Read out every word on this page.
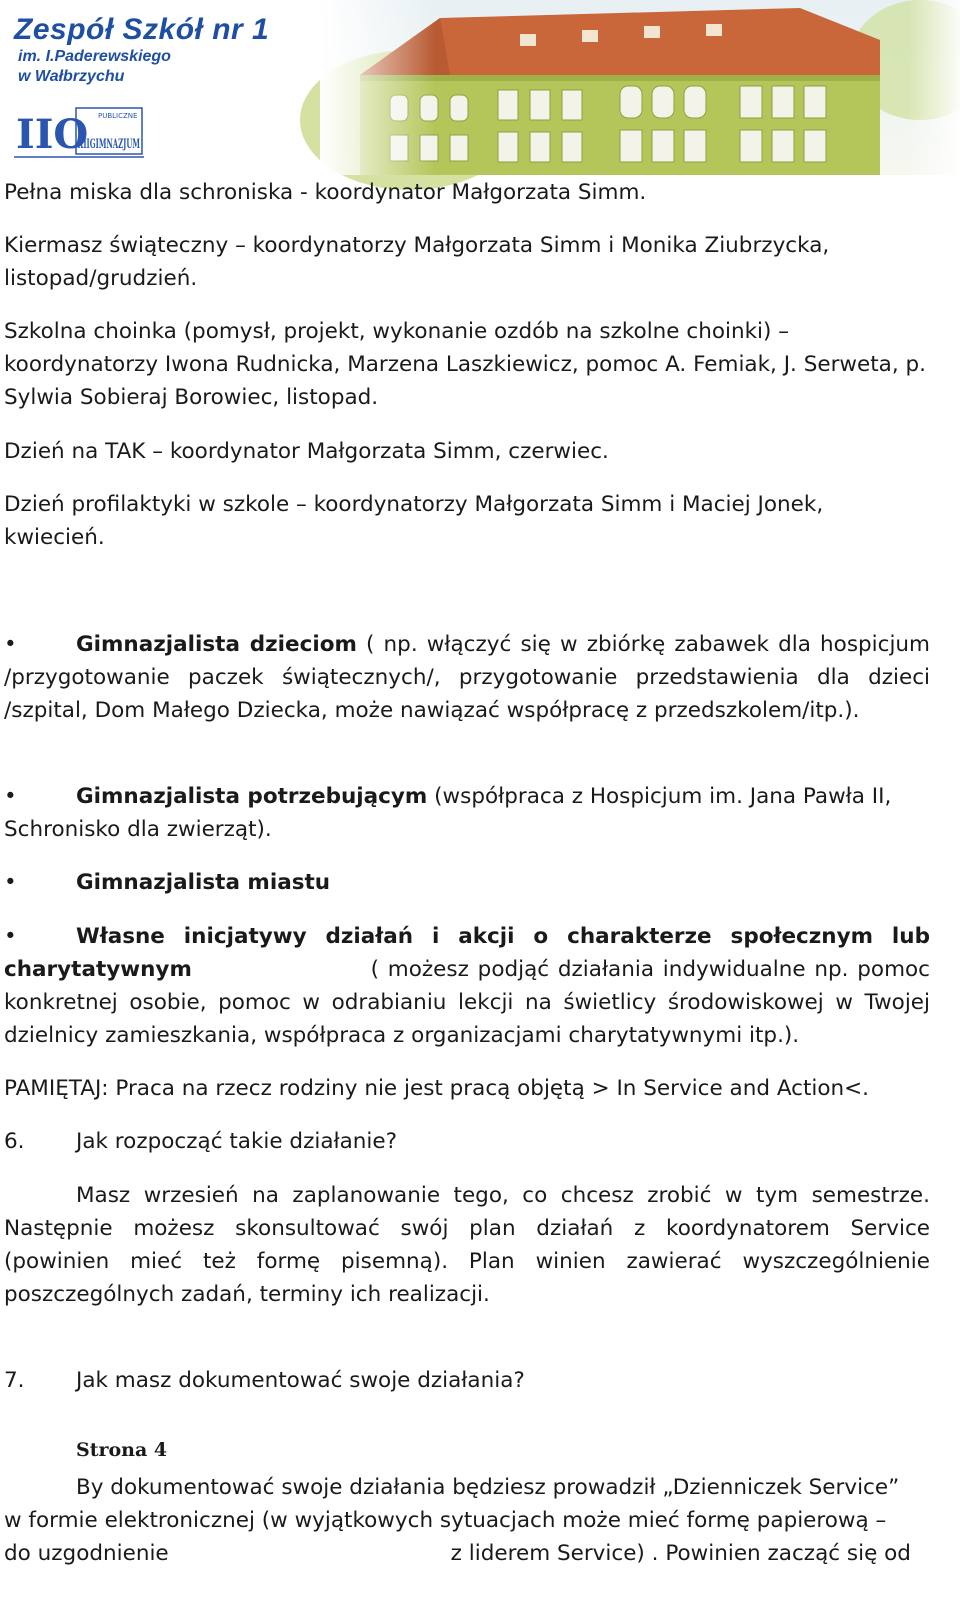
Zespół Szkół nr 1
im. I.Paderewskiego
w Wałbrzychu
IIO PUBLICZNE
XIIGIMNAZJUM

Pełna miska dla schroniska - koordynator Małgorzata Simm.

Kiermasz świąteczny – koordynatorzy Małgorzata Simm i Monika Ziubrzycka, listopad/grudzień.

Szkolna choinka (pomysł, projekt, wykonanie ozdób na szkolne choinki) – koordynatorzy Iwona Rudnicka, Marzena Laszkiewicz, pomoc A. Femiak, J. Serweta, p. Sylwia Sobieraj Borowiec, listopad.

Dzień na TAK – koordynator Małgorzata Simm, czerwiec.

Dzień profilaktyki w szkole – koordynatorzy Małgorzata Simm i Maciej Jonek, kwiecień.

•	Gimnazjalista dzieciom ( np. włączyć się w zbiórkę zabawek dla hospicjum /przygotowanie paczek świątecznych/, przygotowanie przedstawienia dla dzieci /szpital, Dom Małego Dziecka, może nawiązać współpracę z przedszkolem/itp.).

•	Gimnazjalista potrzebującym (współpraca z Hospicjum im. Jana Pawła II, Schronisko dla zwierząt).

•	Gimnazjalista miastu

•	Własne inicjatywy działań i akcji o charakterze społecznym lub charytatywnym	( możesz podjąć działania indywidualne np. pomoc konkretnej osobie, pomoc w odrabianiu lekcji na świetlicy środowiskowej w Twojej dzielnicy zamieszkania, współpraca z organizacjami charytatywnymi itp.).

PAMIĘTAJ: Praca na rzecz rodziny nie jest pracą objętą > In Service and Action<.

6. Jak rozpocząć takie działanie?

Masz wrzesień na zaplanowanie tego, co chcesz zrobić w tym semestrze. Następnie możesz skonsultować swój plan działań z koordynatorem Service (powinien mieć też formę pisemną). Plan winien zawierać wyszczególnienie poszczególnych zadań, terminy ich realizacji.

7. Jak masz dokumentować swoje działania?

Strona 4

By dokumentować swoje działania będziesz prowadził „Dzienniczek Service”

w formie elektronicznej (w wyjątkowych sytuacjach może mieć formę papierową –

do uzgodnienie	z liderem Service) . Powinien zacząć się od
